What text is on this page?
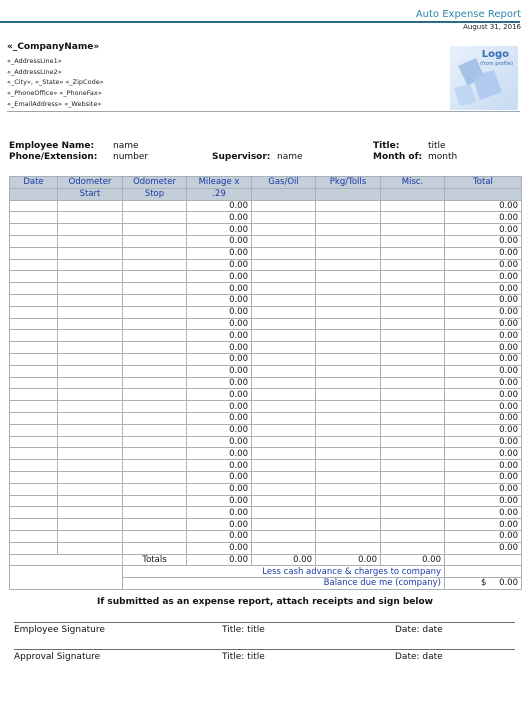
Auto Expense Report
August 31, 2016
«_CompanyName»
«_AddressLine1»
«_AddressLine2»
«_City», «_State» «_ZipCode»
«_PhoneOffice» «_PhoneFax»
«_EmailAddress» «_Website»
Logo
(from profile)
Employee Name: name
Phone/Extension: number	Supervisor: name
Title:	title
Month of: month
Date	Odometer	Odometer	Mileage x	Gas/Oil	Pkg/Tolls	Misc.	Total
	Start	Stop	.29				
			0.00				0.00
			0.00				0.00
			0.00				0.00
			0.00				0.00
			0.00				0.00
			0.00				0.00
			0.00				0.00
			0.00				0.00
			0.00				0.00
			0.00				0.00
			0.00				0.00
			0.00				0.00
			0.00				0.00
			0.00				0.00
			0.00				0.00
			0.00				0.00
			0.00				0.00
			0.00				0.00
			0.00				0.00
			0.00				0.00
			0.00				0.00
			0.00				0.00
			0.00				0.00
			0.00				0.00
			0.00				0.00
			0.00				0.00
			0.00				0.00
			0.00				0.00
			0.00				0.00
			0.00				0.00
		Totals	0.00	0.00	0.00	0.00	
		Less cash advance & charges to company					
		Balance due me (company)					$ 0.00
If submitted as an expense report, attach receipts and sign below
Employee Signature	Title: title	Date: date
Approval Signature	Title: title	Date: date
